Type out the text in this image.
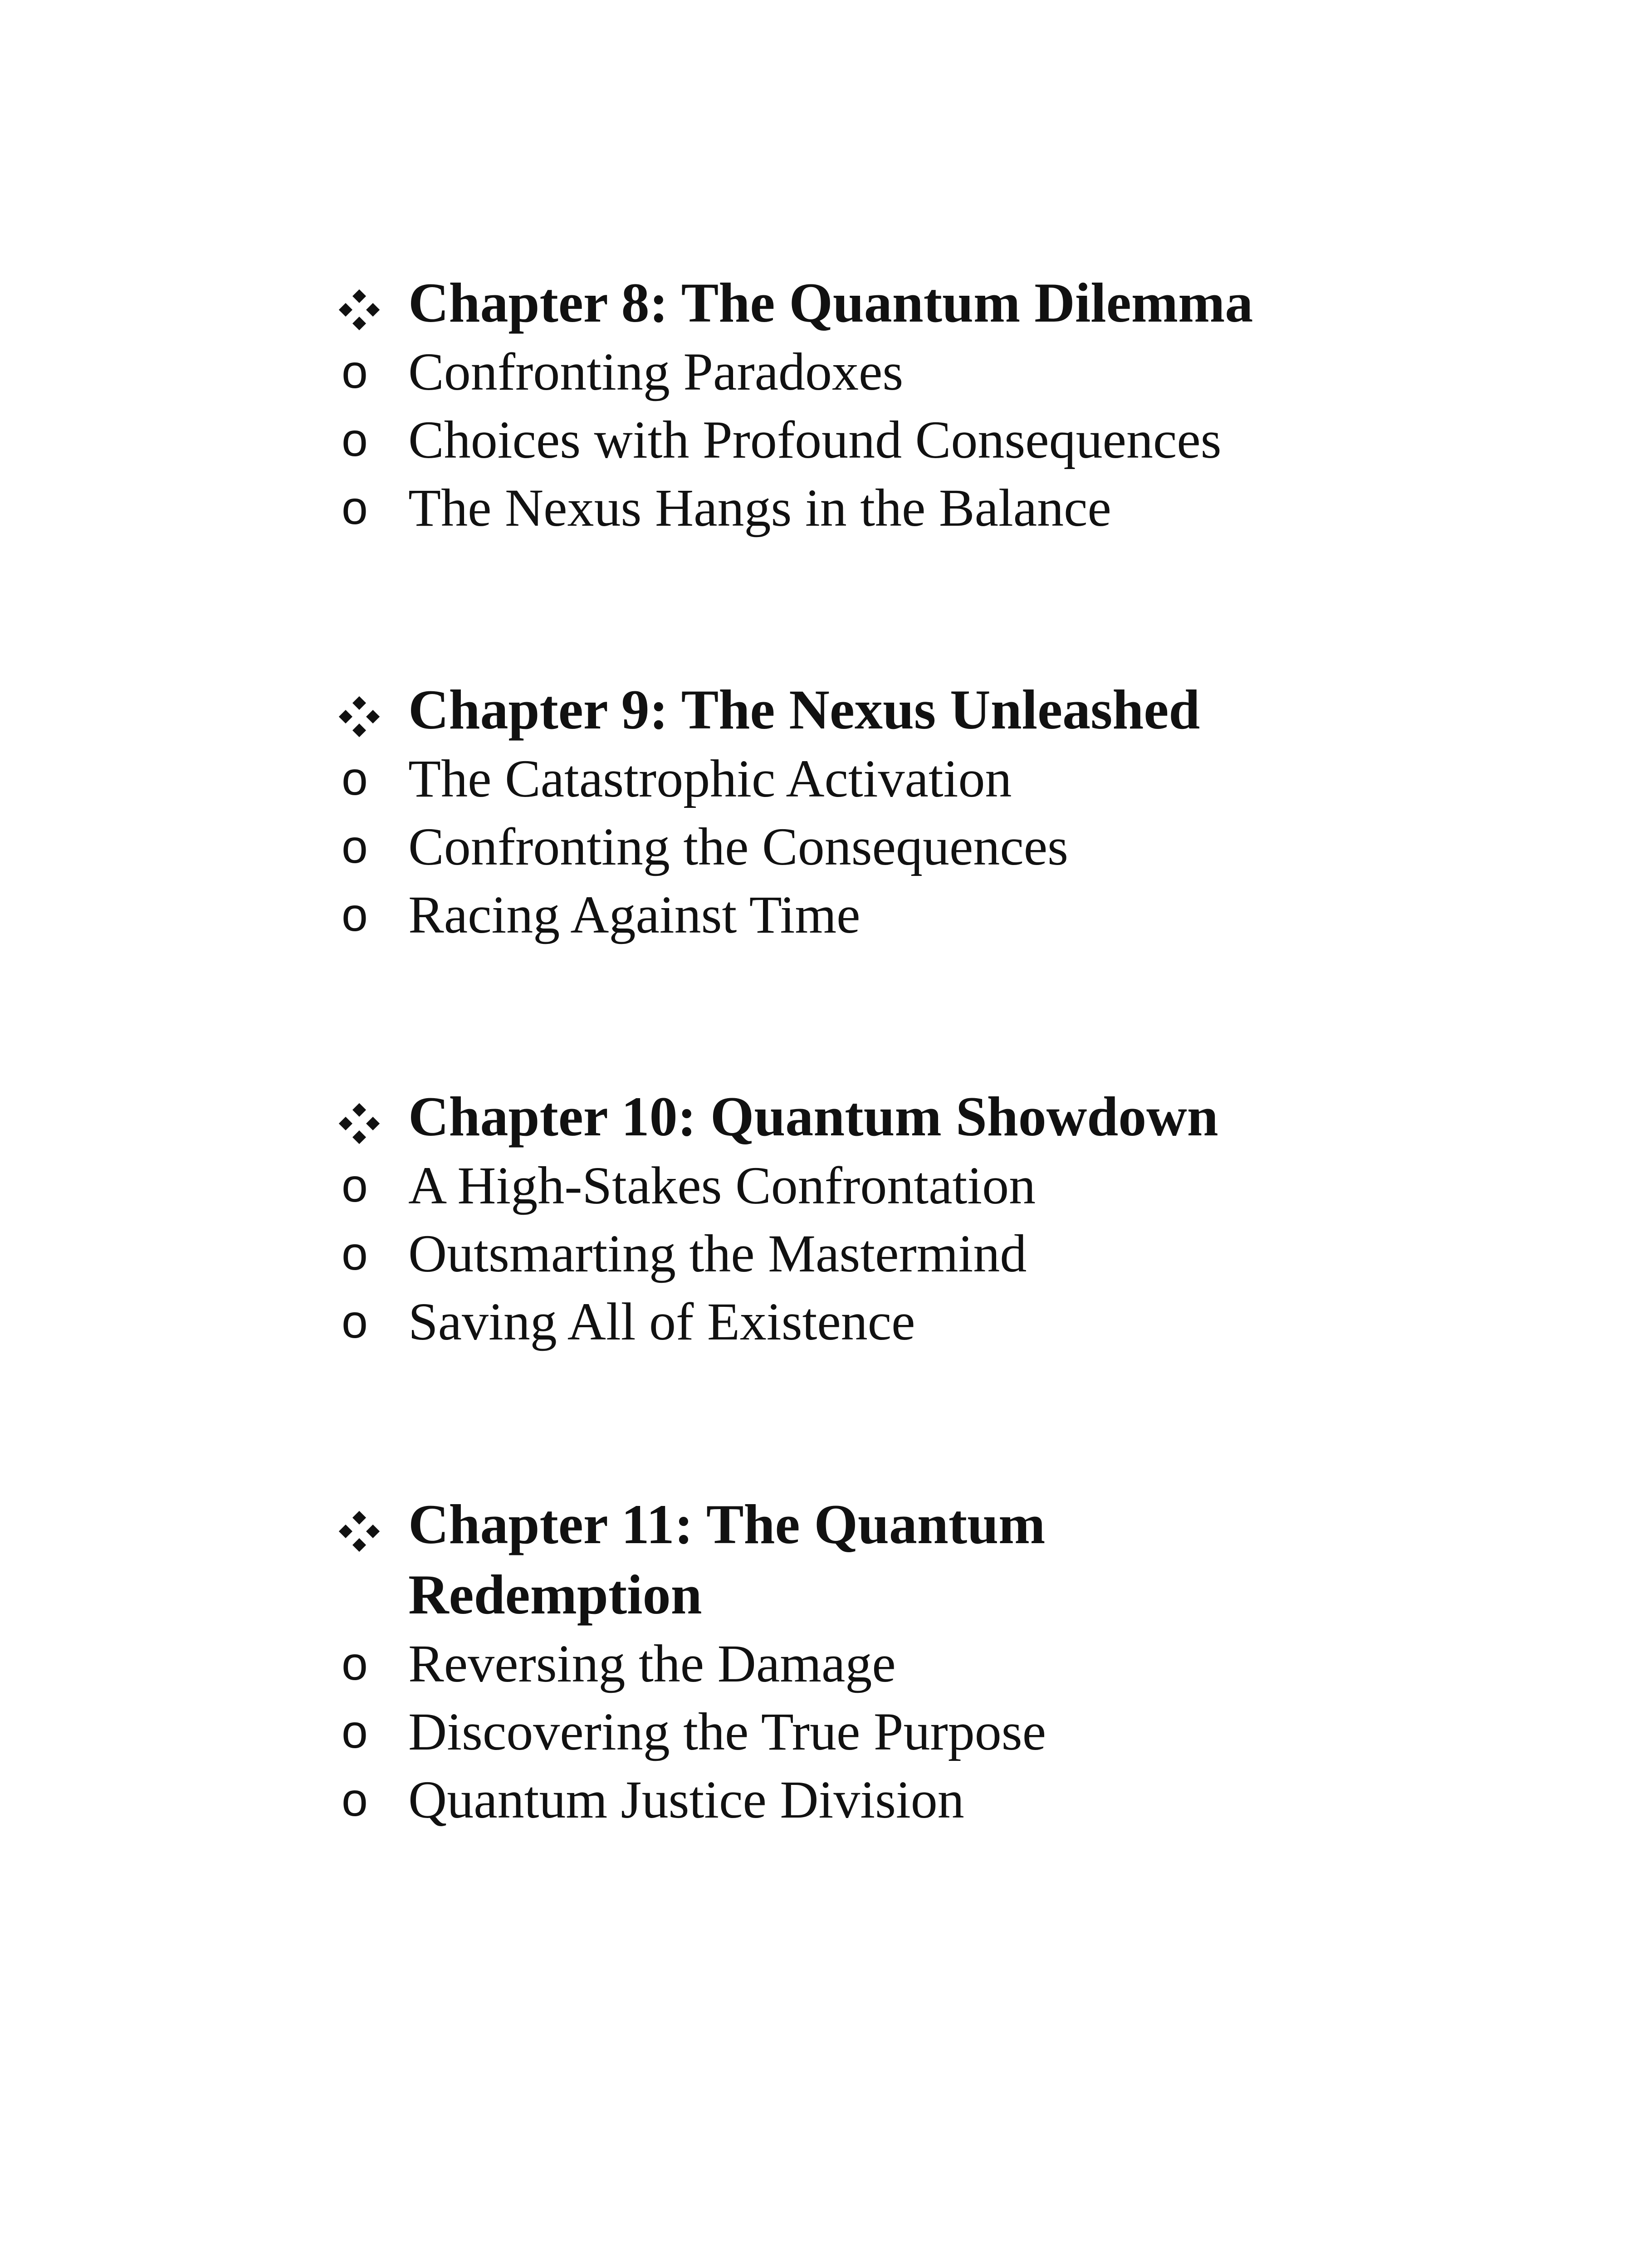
Chapter 8: The Quantum Dilemma
o Confronting Paradoxes
o Choices with Profound Consequences
o The Nexus Hangs in the Balance
Chapter 9: The Nexus Unleashed
o The Catastrophic Activation
o Confronting the Consequences
o Racing Against Time
Chapter 10: Quantum Showdown
o A High-Stakes Confrontation
o Outsmarting the Mastermind
o Saving All of Existence
Chapter 11: The Quantum Redemption
o Reversing the Damage
o Discovering the True Purpose
o Quantum Justice Division
